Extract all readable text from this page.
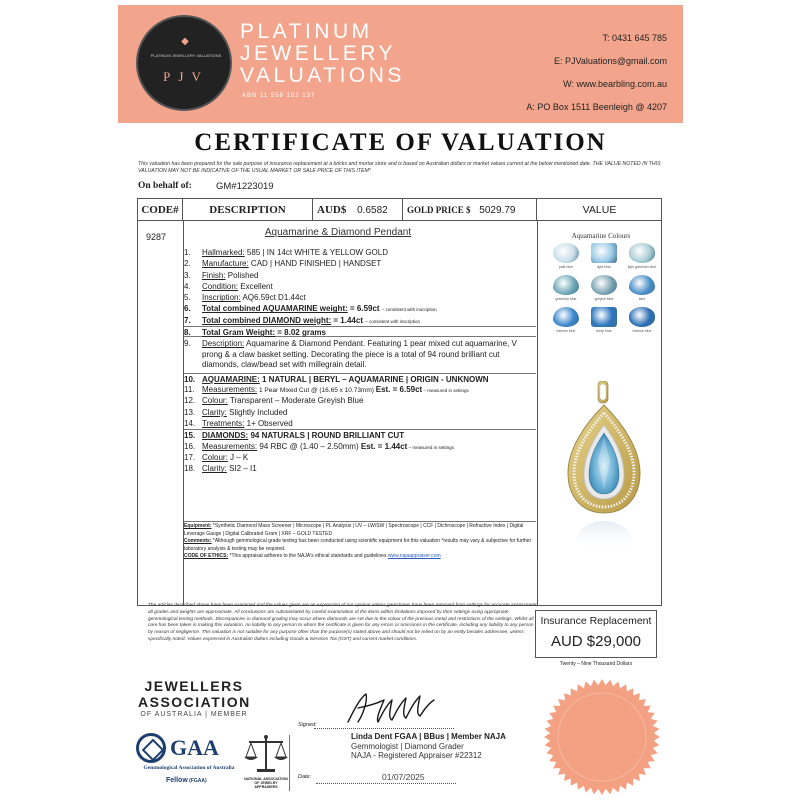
◆
PLATINUM JEWELLERY VALUATIONS
PJV
PLATINUM
JEWELLERY
VALUATIONS
ABN 11 558 102 137
T: 0431 645 785
E: PJValuations@gmail.com
W: www.bearbling.com.au
A: PO Box 1511 Beenleigh @ 4207
CERTIFICATE OF VALUATION
This valuation has been prepared for the sale purpose of insurance replacement at a bricks and mortar store and is based on Australian dollars or market values current at the below mentioned date. THE VALUE NOTED IN THIS VALUATION MAY NOT BE INDICATIVE OF THE USUAL MARKET OR SALE PRICE OF THIS ITEM*
On behalf of:	GM#1223019
CODE#	DESCRIPTION	AUD$ 0.6582	GOLD PRICE $ 5029.79	VALUE
9287	Aquamarine & Diamond Pendant
1. Hallmarked: 585 | IN 14ct WHITE & YELLOW GOLD
2. Manufacture: CAD | HAND FINISHED | HANDSET
3. Finish: Polished
4. Condition: Excellent
5. Inscription: AQ6.59ct D1.44ct
6. Total combined AQUAMARINE weight: = 6.59ct – consistent with inscription
7. Total combined DIAMOND weight: = 1.44ct – consistent with inscription
8. Total Gram Weight: = 8.02 grams
9. Description: Aquamarine & Diamond Pendant. Featuring 1 pear mixed cut aquamarine, V prong & a claw basket setting. Decorating the piece is a total of 94 round brilliant cut diamonds, claw/bead set with millegrain detail.
10. AQUAMARINE: 1 NATURAL | BERYL – AQUAMARINE | ORIGIN - UNKNOWN
11. Measurements: 1 Pear Mixed Cut @ (16.65 x 10.73mm) Est. = 6.59ct – measured in settings
12. Colour: Transparent – Moderate Greyish Blue
13. Clarity: Slightly Included
14. Treatments: 1+ Observed
15. DIAMONDS: 94 NATURALS | ROUND BRILLIANT CUT
16. Measurements: 94 RBC @ (1.40 – 2.50mm) Est. = 1.44ct – measured in settings
17. Colour: J – K
18. Clarity: SI2 – I1
Equipment: *Synthetic Diamond Mass Screener | Microscope | PL Analysis | UV – LW/SW | Spectroscope | CCF | Dichroscope | Refractive Index | Digital Leverage Gauge | Digital Calibrated Gram | XRF – GOLD TESTED
Comments: *Although gemmological grade testing has been conducted using scientific equipment for this valuation *results may vary & subjective for further laboratory analysis & testing may be required.
CODE OF ETHICS: *This appraisal adheres to the NAJA's ethical standards and guidelines www.najaappraiser.com
Aquamarine Colours
pale blue	light blue	light greenish blue
greenish blue	greyish blue	blue
intense blue	deep blue	intense blue
The articles described above have been examined and the values given are an expression of our opinion unless gemstones have been removed from settings for accurate assessment, all grades and weights are approximate. All conclusions are substantiated by careful examination of the items within limitations imposed by their settings using appropriate gemmological testing methods. Discrepancies in diamond grading may occur where diamonds are set due to the colour of the precious metal and restrictions of the settings. Whilst all care has been taken in making this valuation, no liability to any person to whom the certificate is given for any errors or omissions in the certificate, including any liability to any person by reason of negligence. This valuation is not suitable for any purpose other than the purpose(s) stated above and should not be relied on by an entity besides addressee, unless specifically noted. Values expressed in Australian dollars including Goods & Services Tax (GST) and current market conditions.
Insurance Replacement
AUD $29,000
Twenty – Nine Thousand Dollars
JEWELLERS
ASSOCIATION
OF AUSTRALIA | MEMBER
GAA
Gemmological Association of Australia
Fellow (FGAA)	NATIONAL ASSOCIATION OF JEWELRY APPRAISERS
Signed:
Linda Dent FGAA | BBus | Member NAJA
Gemmologist | Diamond Grader
NAJA - Registered Appraiser #22312
Date:	01/07/2025
